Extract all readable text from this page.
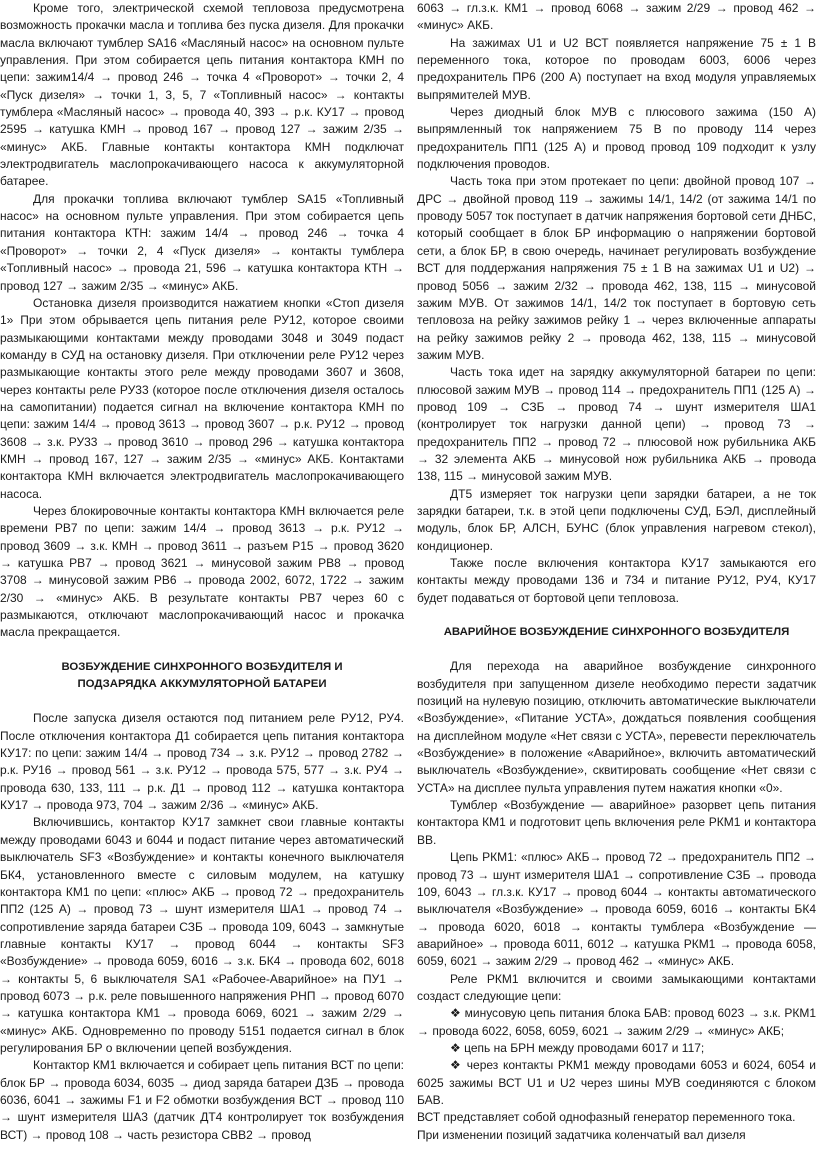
Кроме того, электрической схемой тепловоза предусмотрена возможность прокачки масла и топлива без пуска дизеля. Для прокачки масла включают тумблер SA16 «Масляный насос» на основном пульте управления. При этом собирается цепь питания контактора КМН по цепи: зажим14/4 → провод 246 → точка 4 «Проворот» → точки 2, 4 «Пуск дизеля» → точки 1, 3, 5, 7 «Топливный насос» → контакты тумблера «Масляный насос» → провода 40, 393 → р.к. КУ17 → провод 2595 → катушка КМН → провод 167 → провод 127 → зажим 2/35 → «минус» АКБ. Главные контакты контактора КМН подключат электродвигатель маслопрокачивающего насоса к аккумуляторной батарее.

Для прокачки топлива включают тумблер SA15 «Топливный насос» на основном пульте управления. При этом собирается цепь питания контактора КТН: зажим 14/4 → провод 246 → точка 4 «Проворот» → точки 2, 4 «Пуск дизеля» → контакты тумблера «Топливный насос» → провода 21, 596 → катушка контактора КТН → провод 127 → зажим 2/35 → «минус» АКБ.

Остановка дизеля производится нажатием кнопки «Стоп дизеля 1» При этом обрывается цепь питания реле РУ12, которое своими размыкающими контактами между проводами 3048 и 3049 подаст команду в СУД на остановку дизеля. При отключении реле РУ12 через размыкающие контакты этого реле между проводами 3607 и 3608, через контакты реле РУ33 (которое после отключения дизеля осталось на самопитании) подается сигнал на включение контактора КМН по цепи: зажим 14/4 → провод 3613 → провод 3607 → р.к. РУ12 → провод 3608 → з.к. РУ33 → провод 3610 → провод 296 → катушка контактора КМН → провод 167, 127 → зажим 2/35 → «минус» АКБ. Контактами контактора КМН включается электродвигатель маслопрокачивающего насоса.

Через блокировочные контакты контактора КМН включается реле времени РВ7 по цепи: зажим 14/4 → провод 3613 → р.к. РУ12 → провод 3609 → з.к. КМН → провод 3611 → разъем Р15 → провод 3620 → катушка РВ7 → провод 3621 → минусовой зажим РВ8 → провод 3708 → минусовой зажим РВ6 → провода 2002, 6072, 1722 → зажим 2/30 → «минус» АКБ. В результате контакты РВ7 через 60 с размыкаются, отключают маслопрокачивающий насос и прокачка масла прекращается.

ВОЗБУЖДЕНИЕ СИНХРОННОГО ВОЗБУДИТЕЛЯ И
ПОДЗАРЯДКА АККУМУЛЯТОРНОЙ БАТАРЕИ

После запуска дизеля остаются под питанием реле РУ12, РУ4. После отключения контактора Д1 собирается цепь питания контактора КУ17: по цепи: зажим 14/4 → провод 734 → з.к. РУ12 → провод 2782 → р.к. РУ16 → провод 561 → з.к. РУ12 → провода 575, 577 → з.к. РУ4 → провода 630, 133, 111 → р.к. Д1 → провод 112 → катушка контактора КУ17 → провода 973, 704 → зажим 2/36 → «минус» АКБ.

Включившись, контактор КУ17 замкнет свои главные контакты между проводами 6043 и 6044 и подаст питание через автоматический выключатель SF3 «Возбуждение» и контакты конечного выключателя БК4, установленного вместе с силовым модулем, на катушку контактора КМ1 по цепи: «плюс» АКБ → провод 72 → предохранитель ПП2 (125 А) → провод 73 → шунт измерителя ША1 → провод 74 → сопротивление заряда батареи СЗБ → провода 109, 6043 → замкнутые главные контакты КУ17 → провод 6044 → контакты SF3 «Возбуждение» → провода 6059, 6016 → з.к. БК4 → провода 602, 6018 → контакты 5, 6 выключателя SA1 «Рабочее-Аварийное» на ПУ1 → провод 6073 → р.к. реле повышенного напряжения РНП → провод 6070 → катушка контактора КМ1 → провода 6069, 6021 → зажим 2/29 → «минус» АКБ. Одновременно по проводу 5151 подается сигнал в блок регулирования БР о включении цепей возбуждения.

Контактор КМ1 включается и собирает цепь питания ВСТ по цепи: блок БР → провода 6034, 6035 → диод заряда батареи ДЗБ → провода 6036, 6041 → зажимы F1 и F2 обмотки возбуждения ВСТ → провод 110 → шунт измерителя ША3 (датчик ДТ4 контролирует ток возбуждения ВСТ) → провод 108 → часть резистора СВВ2 → провод

6063 → гл.з.к. КМ1 → провод 6068 → зажим 2/29 → провод 462 → «минус» АКБ.

На зажимах U1 и U2 ВСТ появляется напряжение 75 ± 1 В переменного тока, которое по проводам 6003, 6006 через предохранитель ПР6 (200 А) поступает на вход модуля управляемых выпрямителей МУВ.

Через диодный блок МУВ с плюсового зажима (150 А) выпрямленный ток напряжением 75 В по проводу 114 через предохранитель ПП1 (125 А) и провод провод 109 подходит к узлу подключения проводов.

Часть тока при этом протекает по цепи: двойной провод 107 → ДРС → двойной провод 119 → зажимы 14/1, 14/2 (от зажима 14/1 по проводу 5057 ток поступает в датчик напряжения бортовой сети ДНБС, который сообщает в блок БР информацию о напряжении бортовой сети, а блок БР, в свою очередь, начинает регулировать возбуждение ВСТ для поддержания напряжения 75 ± 1 В на зажимах U1 и U2) → провод 5056 → зажим 2/32 → провода 462, 138, 115 → минусовой зажим МУВ. От зажимов 14/1, 14/2 ток поступает в бортовую сеть тепловоза на рейку зажимов рейку 1 → через включенные аппараты на рейку зажимов рейку 2 → провода 462, 138, 115 → минусовой зажим МУВ.

Часть тока идет на зарядку аккумуляторной батареи по цепи: плюсовой зажим МУВ → провод 114 → предохранитель ПП1 (125 А) → провод 109 → СЗБ → провод 74 → шунт измерителя ША1 (контролирует ток нагрузки данной цепи) → провод 73 → предохранитель ПП2 → провод 72 → плюсовой нож рубильника АКБ → 32 элемента АКБ → минусовой нож рубильника АКБ → провода 138, 115 → минусовой зажим МУВ.

ДТ5 измеряет ток нагрузки цепи зарядки батареи, а не ток зарядки батареи, т.к. в этой цепи подключены СУД, БЭЛ, дисплейный модуль, блок БР, АЛСН, БУНС (блок управления нагревом стекол), кондиционер.

Также после включения контактора КУ17 замыкаются его контакты между проводами 136 и 734 и питание РУ12, РУ4, КУ17 будет подаваться от бортовой цепи тепловоза.

АВАРИЙНОЕ ВОЗБУЖДЕНИЕ СИНХРОННОГО ВОЗБУДИТЕЛЯ

Для перехода на аварийное возбуждение синхронного возбудителя при запущенном дизеле необходимо перести задатчик позиций на нулевую позицию, отключить автоматические выключатели «Возбуждение», «Питание УСТА», дождаться появления сообщения на дисплейном модуле «Нет связи с УСТА», перевести переключатель «Возбуждение» в положение «Аварийное», включить автоматический выключатель «Возбуждение», сквитировать сообщение «Нет связи с УСТА» на дисплее пульта управления путем нажатия кнопки «0».

Тумблер «Возбуждение — аварийное» разорвет цепь питания контактора КМ1 и подготовит цепь включения реле РКМ1 и контактора ВВ.

Цепь РКМ1: «плюс» АКБ→ провод 72 → предохранитель ПП2 → провод 73 → шунт измерителя ША1 → сопротивление СЗБ → провода 109, 6043 → гл.з.к. КУ17 → провод 6044 → контакты автоматического выключателя «Возбуждение» → провода 6059, 6016 → контакты БК4 → провода 6020, 6018 → контакты тумблера «Возбуждение — аварийное» → провода 6011, 6012 → катушка РКМ1 → провода 6058, 6059, 6021 → зажим 2/29 → провод 462 → «минус» АКБ.

Реле РКМ1 включится и своими замыкающими контактами создаст следующие цепи:

❖ минусовую цепь питания блока БАВ: провод 6023 → з.к. РКМ1 → провода 6022, 6058, 6059, 6021 → зажим 2/29 → «минус» АКБ;

❖ цепь на БРН между проводами 6017 и 117;

❖ через контакты РКМ1 между проводами 6053 и 6024, 6054 и 6025 зажимы ВСТ U1 и U2 через шины МУВ соединяются с блоком БАВ.

ВСТ представляет собой однофазный генератор переменного тока.

При изменении позиций задатчика коленчатый вал дизеля
